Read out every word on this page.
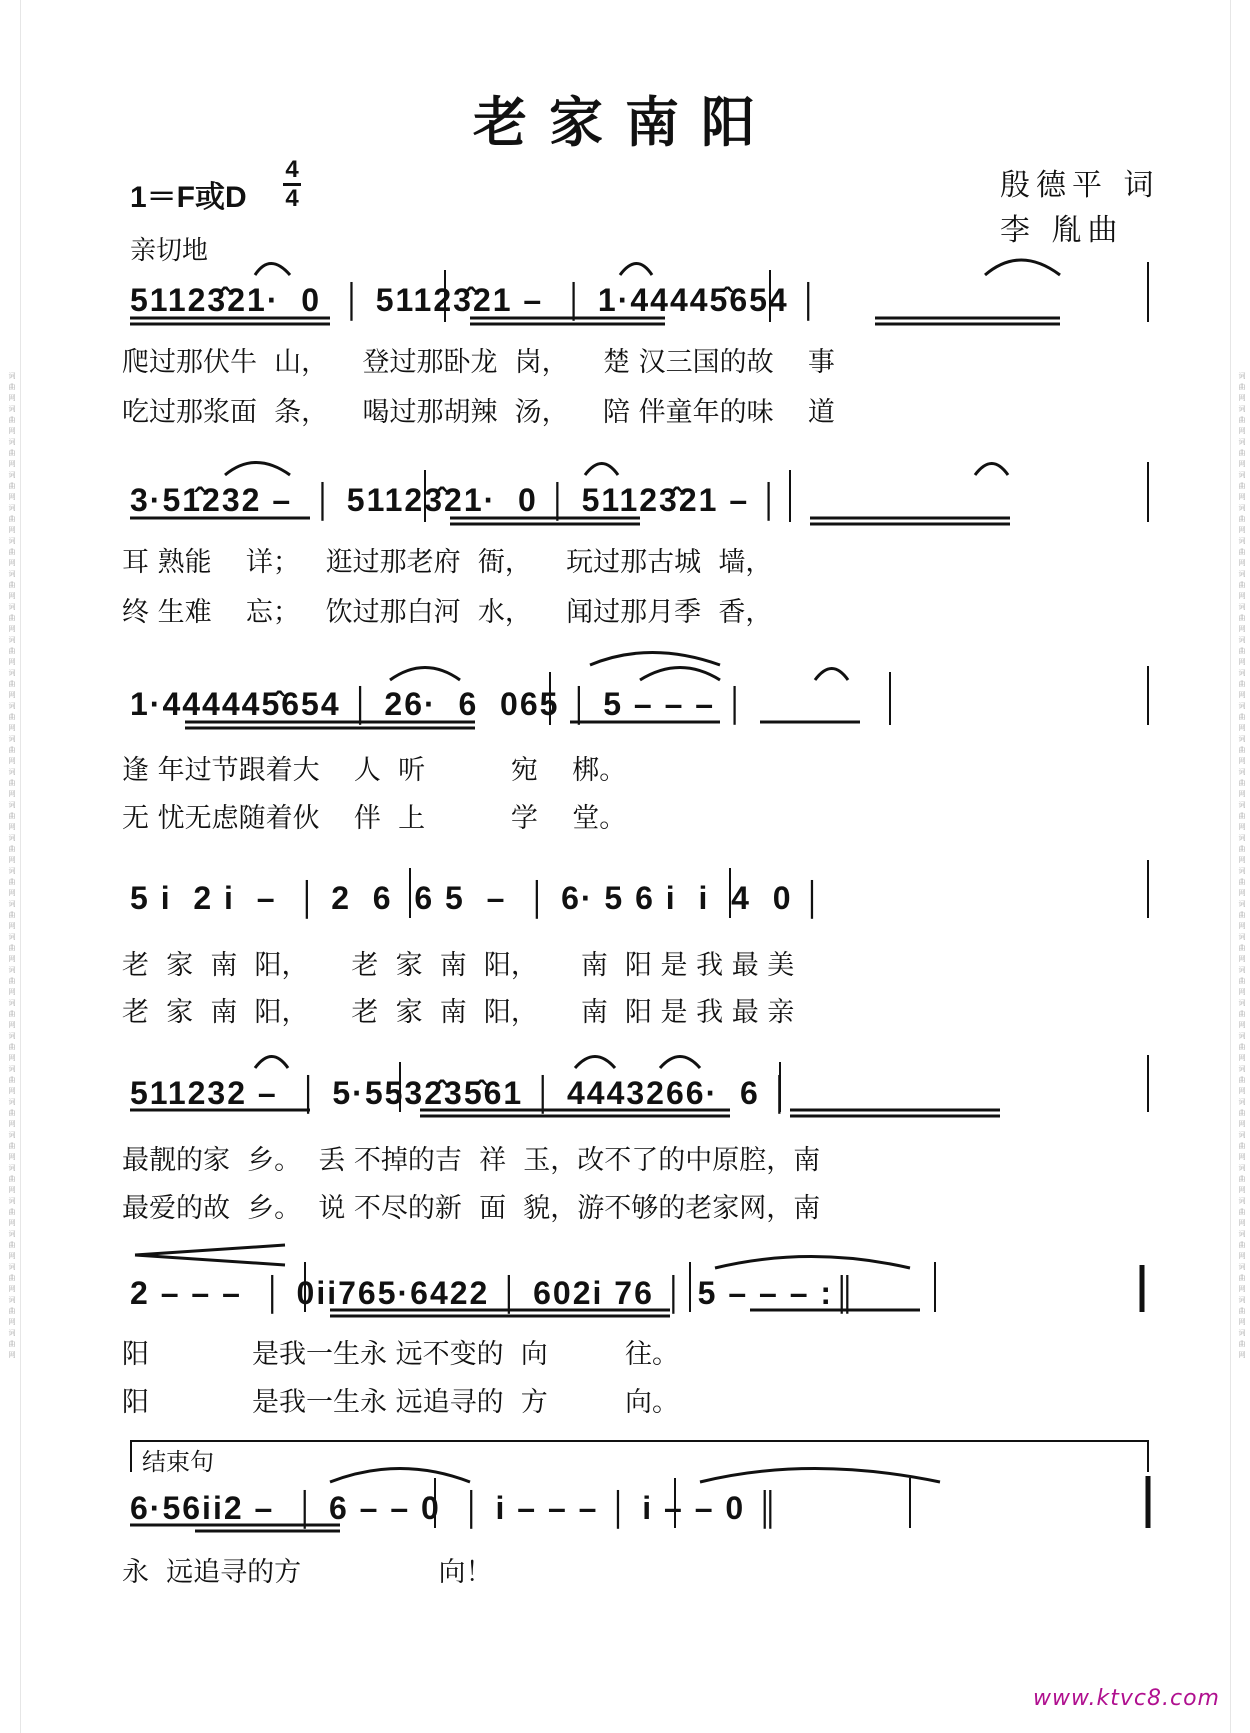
词曲网词曲网词曲网词曲网词曲网词曲网词曲网词曲网词曲网词曲网词曲网词曲网词曲网词曲网词曲网词曲网词曲网词曲网词曲网词曲网词曲网词曲网词曲网词曲网词曲网词曲网词曲网词曲网词曲网词曲网	词曲网词曲网词曲网词曲网词曲网词曲网词曲网词曲网词曲网词曲网词曲网词曲网词曲网词曲网词曲网词曲网词曲网词曲网词曲网词曲网词曲网词曲网词曲网词曲网词曲网词曲网词曲网词曲网词曲网词曲网
老家南阳
1＝F或D
4
4
亲切地
殷德平 词
李 胤曲
51123̂21·  0  │ 51123̂21 –  │ 1·44445̂654 │
爬过那伏牛  山，    登过那卧龙  岗，    楚 汉三国的故    事
吃过那浆面  条，    喝过那胡辣  汤，    陪 伴童年的味    道
3·51̂232 –  │ 51123̂21·  0 │ 51123̂21 – │
耳 熟能    详；   逛过那老府  衙，    玩过那古城  墙，
终 生难    忘；   饮过那白河  水，    闻过那月季  香，
1·444445̂654 │ 26·  6  065 │ 5 – – – │
逢 年过节跟着大    人  听          宛    梆。
无 忧无虑随着伙    伴  上          学    堂。
5 i  2 i  –  │ 2  6  6 5  –  │ 6· 5 6 i  i  4  0 │
老  家  南  阳，     老  家  南  阳，     南  阳 是 我 最 美
老  家  南  阳，     老  家  南  阳，     南  阳 是 我 最 亲
511232 –  │ 5·5532̂35̂61 │ 4443266·  6 │
最靓的家  乡。  丢 不掉的吉  祥  玉，改不了的中原腔，南
最爱的故  乡。  说 不尽的新  面  貌，游不够的老家网，南
2 – – –  │ 0ii765·6422 │ 602i 76 │ 5 – – – :║
阳            是我一生永 远不变的  向         往。
阳            是我一生永 远追寻的  方         向。
结束句
6·56ii2 –  │ 6 – – 0  │ i – – – │ i – – 0 ║
永  远追寻的方                向！
www.ktvc8.com
